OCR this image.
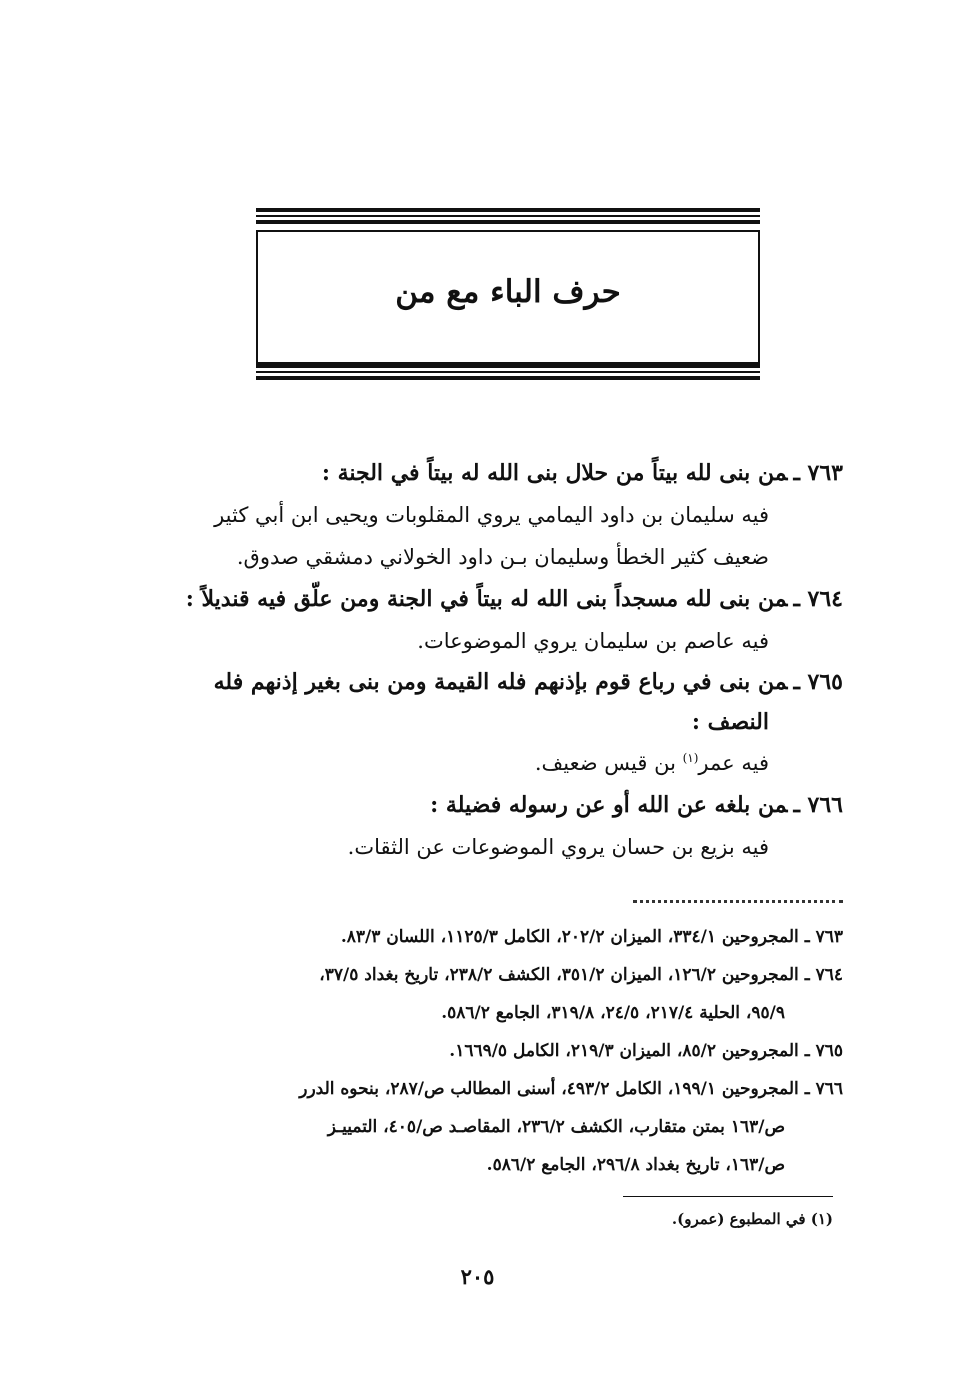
حرف الباء مع من

٧٦٣ ـمن بنى لله بيتاً من حلال بنى الله له بيتاً في الجنة :

فيه سليمان بن داود اليمامي يروي المقلوبات ويحيى ابن أبي كثير

ضعيف كثير الخطأ وسليمان بـن داود الخولاني دمشقي صدوق.

٧٦٤ ـمن بنى لله مسجداً بنى الله له بيتاً في الجنة ومن علّق فيه قنديلاً :

فيه عاصم بن سليمان يروي الموضوعات.

٧٦٥ ـمن بنى في رباع قوم بإذنهم فله القيمة ومن بنى بغير إذنهم فله
النصف :

فيه عمر$^{(١)}$ بن قيس ضعيف.

٧٦٦ ـمن بلغه عن الله أو عن رسوله فضيلة :

فيه بزيع بن حسان يروي الموضوعات عن الثقات.

٧٦٣ ـ المجروحين ٣٣٤/١، الميزان ٢٠٢/٢، الكامل ١١٢٥/٣، اللسان ٨٣/٣.

٧٦٤ ـ المجروحين ١٢٦/٢، الميزان ٣٥١/٢، الكشف ٢٣٨/٢، تاريخ بغداد ٣٧/٥،
٩٥/٩، الحلية ٢١٧/٤، ٢٤/٥، ٣١٩/٨، الجامع ٥٨٦/٢.

٧٦٥ ـ المجروحين ٨٥/٢، الميزان ٢١٩/٣، الكامل ١٦٦٩/٥.

٧٦٦ ـ المجروحين ١٩٩/١، الكامل ٤٩٣/٢، أسنى المطالب ص/٢٨٧، بنحوه الدرر
ص/١٦٣ بمتن متقارب، الكشف ٢٣٦/٢، المقاصـد ص/٤٠٥، التمييـز
ص/١٦٣، تاريخ بغداد ٢٩٦/٨، الجامع ٥٨٦/٢.

(١) في المطبوع (عمرو).
٢٠٥
